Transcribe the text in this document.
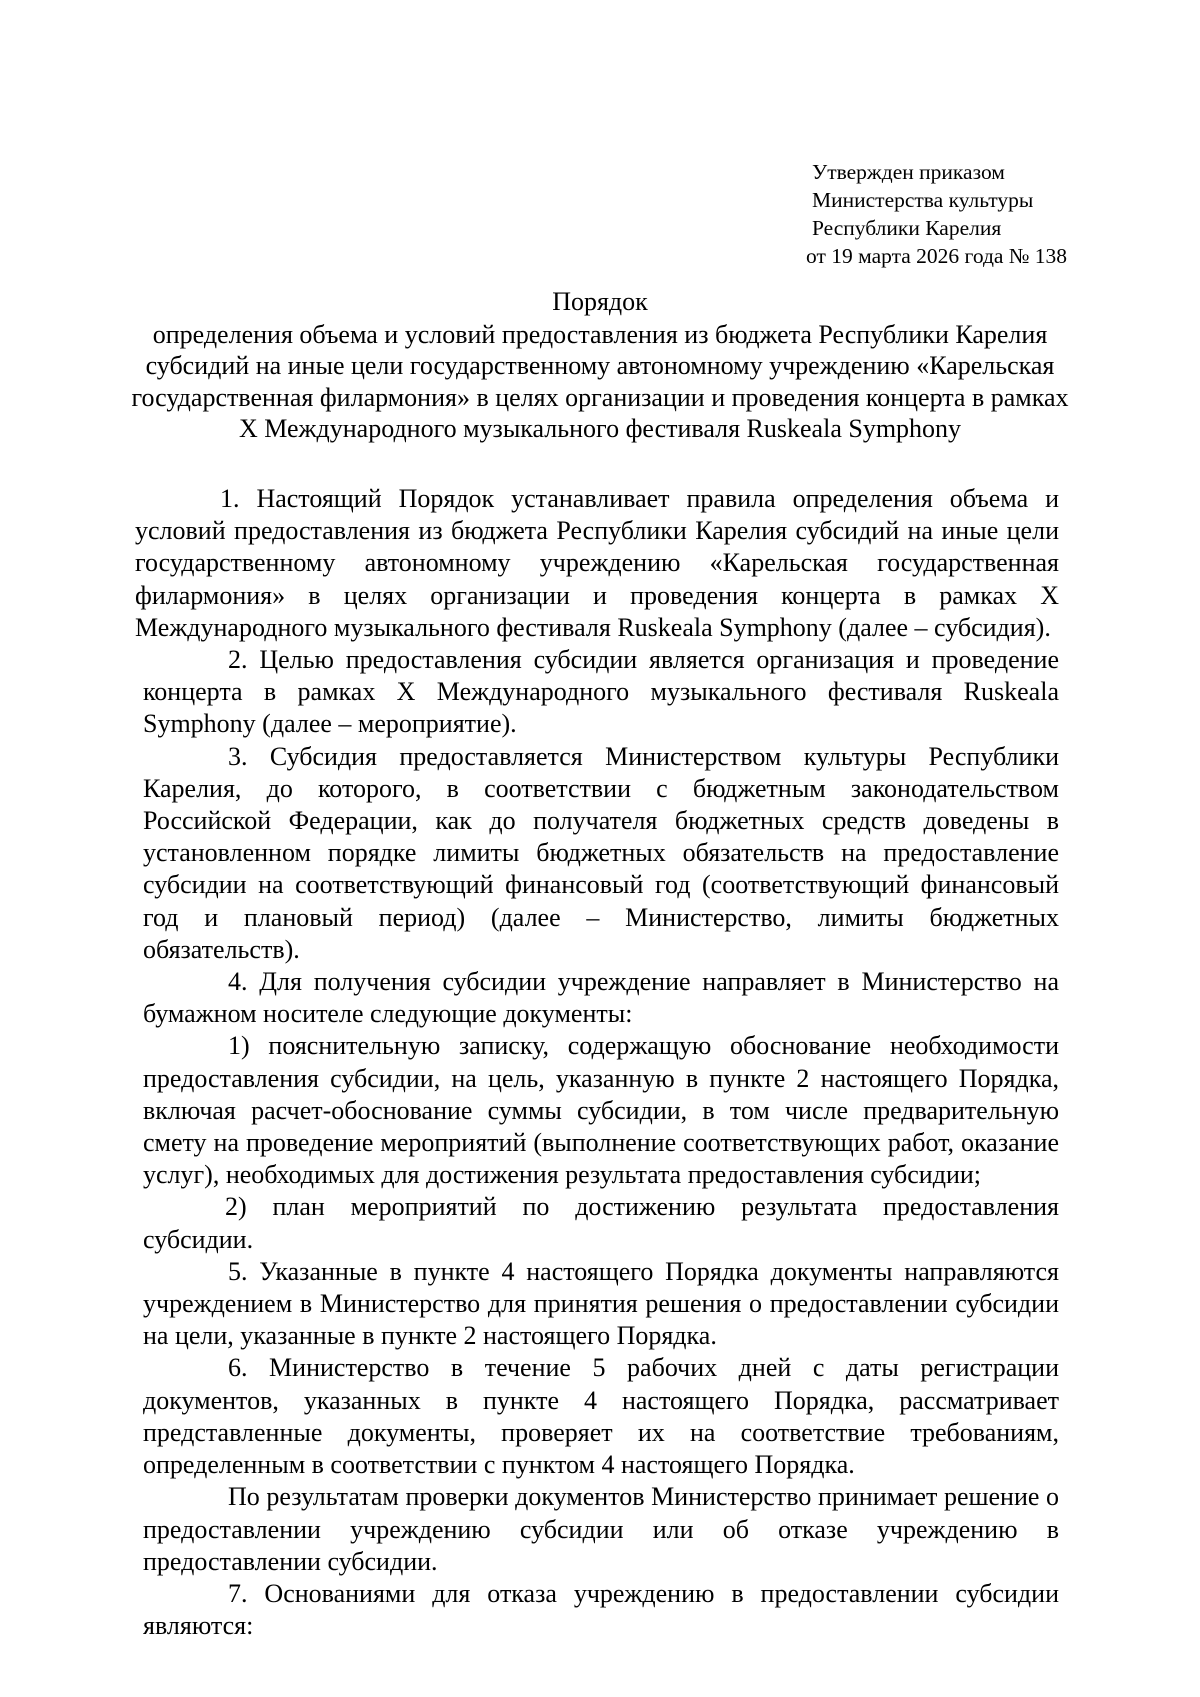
Утвержден приказом
Министерства культуры
Республики Карелия
от 19 марта 2026 года № 138
Порядок
определения объема и условий предоставления из бюджета Республики Карелия субсидий на иные цели государственному автономному учреждению «Карельская государственная филармония» в целях организации и проведения концерта в рамках X Международного музыкального фестиваля Ruskeala Symphony

1. Настоящий Порядок устанавливает правила определения объема и условий предоставления из бюджета Республики Карелия субсидий на иные цели государственному автономному учреждению «Карельская государственная филармония» в целях организации и проведения концерта в рамках X Международного музыкального фестиваля Ruskeala Symphony (далее – субсидия).

2. Целью предоставления субсидии является организация и проведение концерта в рамках X Международного музыкального фестиваля Ruskeala Symphony (далее – мероприятие).

3. Субсидия предоставляется Министерством культуры Республики Карелия, до которого, в соответствии с бюджетным законодательством Российской Федерации, как до получателя бюджетных средств доведены в установленном порядке лимиты бюджетных обязательств на предоставление субсидии на соответствующий финансовый год (соответствующий финансовый год и плановый период) (далее – Министерство, лимиты бюджетных обязательств).

4. Для получения субсидии учреждение направляет в Министерство на бумажном носителе следующие документы:

1) пояснительную записку, содержащую обоснование необходимости предоставления субсидии, на цель, указанную в пункте 2 настоящего Порядка, включая расчет-обоснование суммы субсидии, в том числе предварительную смету на проведение мероприятий (выполнение соответствующих работ, оказание услуг), необходимых для достижения результата предоставления субсидии;

2) план мероприятий по достижению результата предоставления субсидии.

5. Указанные в пункте 4 настоящего Порядка документы направляются учреждением в Министерство для принятия решения о предоставлении субсидии на цели, указанные в пункте 2 настоящего Порядка.

6. Министерство в течение 5 рабочих дней с даты регистрации документов, указанных в пункте 4 настоящего Порядка, рассматривает представленные документы, проверяет их на соответствие требованиям, определенным в соответствии с пунктом 4 настоящего Порядка.

По результатам проверки документов Министерство принимает решение о предоставлении учреждению субсидии или об отказе учреждению в предоставлении субсидии.

7. Основаниями для отказа учреждению в предоставлении субсидии являются:
